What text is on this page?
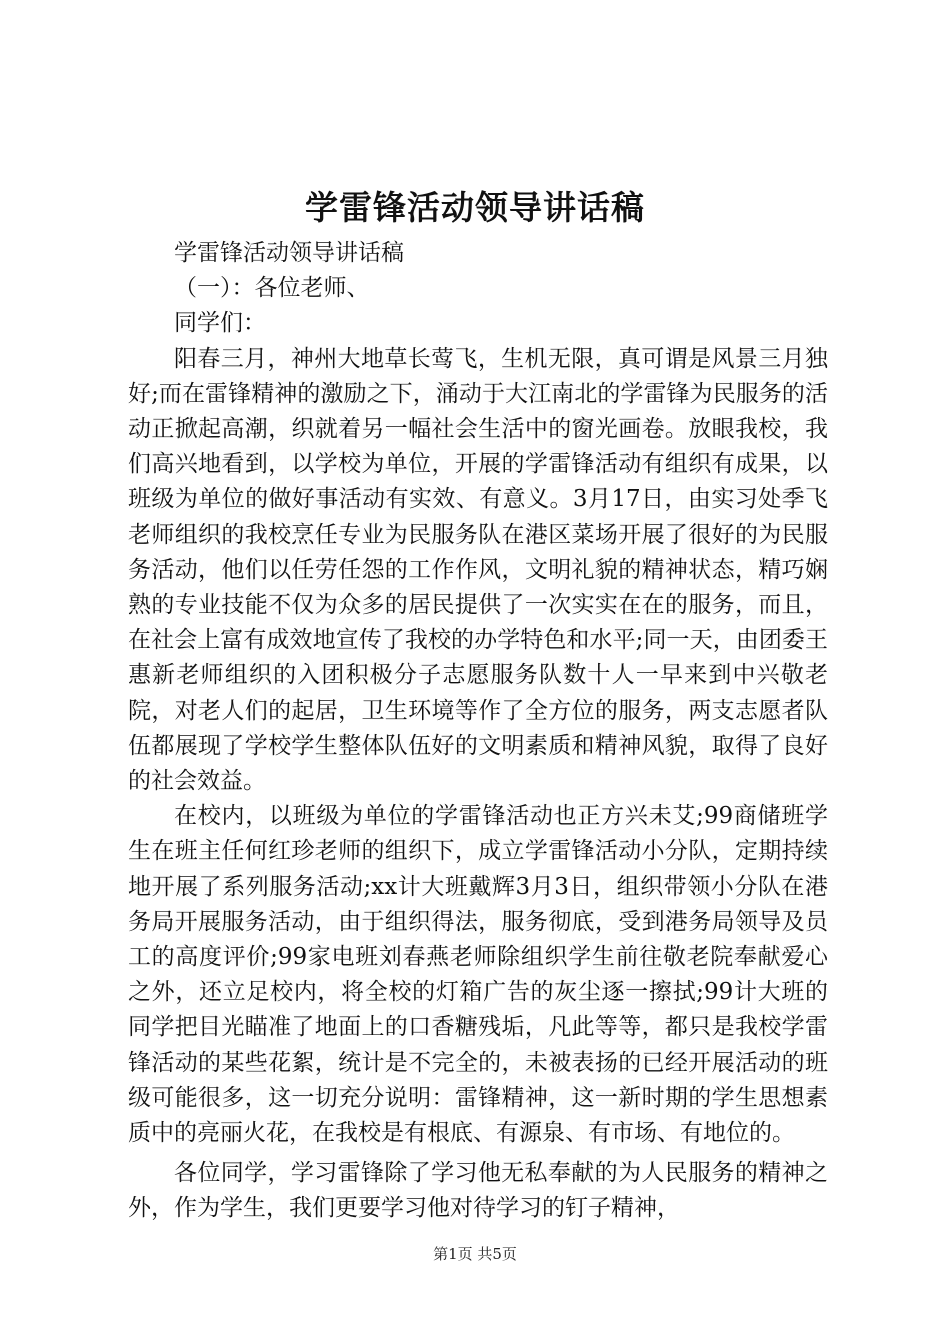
学雷锋活动领导讲话稿

学雷锋活动领导讲话稿

（一）：各位老师、

同学们：

阳春三月，神州大地草长莺飞，生机无限，真可谓是风景三月独好;而在雷锋精神的激励之下，涌动于大江南北的学雷锋为民服务的活动正掀起高潮，织就着另一幅社会生活中的窗光画卷。放眼我校，我们高兴地看到，以学校为单位，开展的学雷锋活动有组织有成果，以班级为单位的做好事活动有实效、有意义。3月17日，由实习处季飞老师组织的我校烹任专业为民服务队在港区菜场开展了很好的为民服务活动，他们以任劳任怨的工作作风，文明礼貌的精神状态，精巧娴熟的专业技能不仅为众多的居民提供了一次实实在在的服务，而且，在社会上富有成效地宣传了我校的办学特色和水平;同一天，由团委王惠新老师组织的入团积极分子志愿服务队数十人一早来到中兴敬老院，对老人们的起居，卫生环境等作了全方位的服务，两支志愿者队伍都展现了学校学生整体队伍好的文明素质和精神风貌，取得了良好的社会效益。

在校内，以班级为单位的学雷锋活动也正方兴未艾;99商储班学生在班主任何红珍老师的组织下，成立学雷锋活动小分队，定期持续地开展了系列服务活动;xx计大班戴辉3月3日，组织带领小分队在港务局开展服务活动，由于组织得法，服务彻底，受到港务局领导及员工的高度评价;99家电班刘春燕老师除组织学生前往敬老院奉献爱心之外，还立足校内，将全校的灯箱广告的灰尘逐一擦拭;99计大班的同学把目光瞄准了地面上的口香糖残垢，凡此等等，都只是我校学雷锋活动的某些花絮，统计是不完全的，未被表扬的已经开展活动的班级可能很多，这一切充分说明：雷锋精神，这一新时期的学生思想素质中的亮丽火花，在我校是有根底、有源泉、有市场、有地位的。

各位同学，学习雷锋除了学习他无私奉献的为人民服务的精神之外，作为学生，我们更要学习他对待学习的钉子精神，

第1页 共5页
